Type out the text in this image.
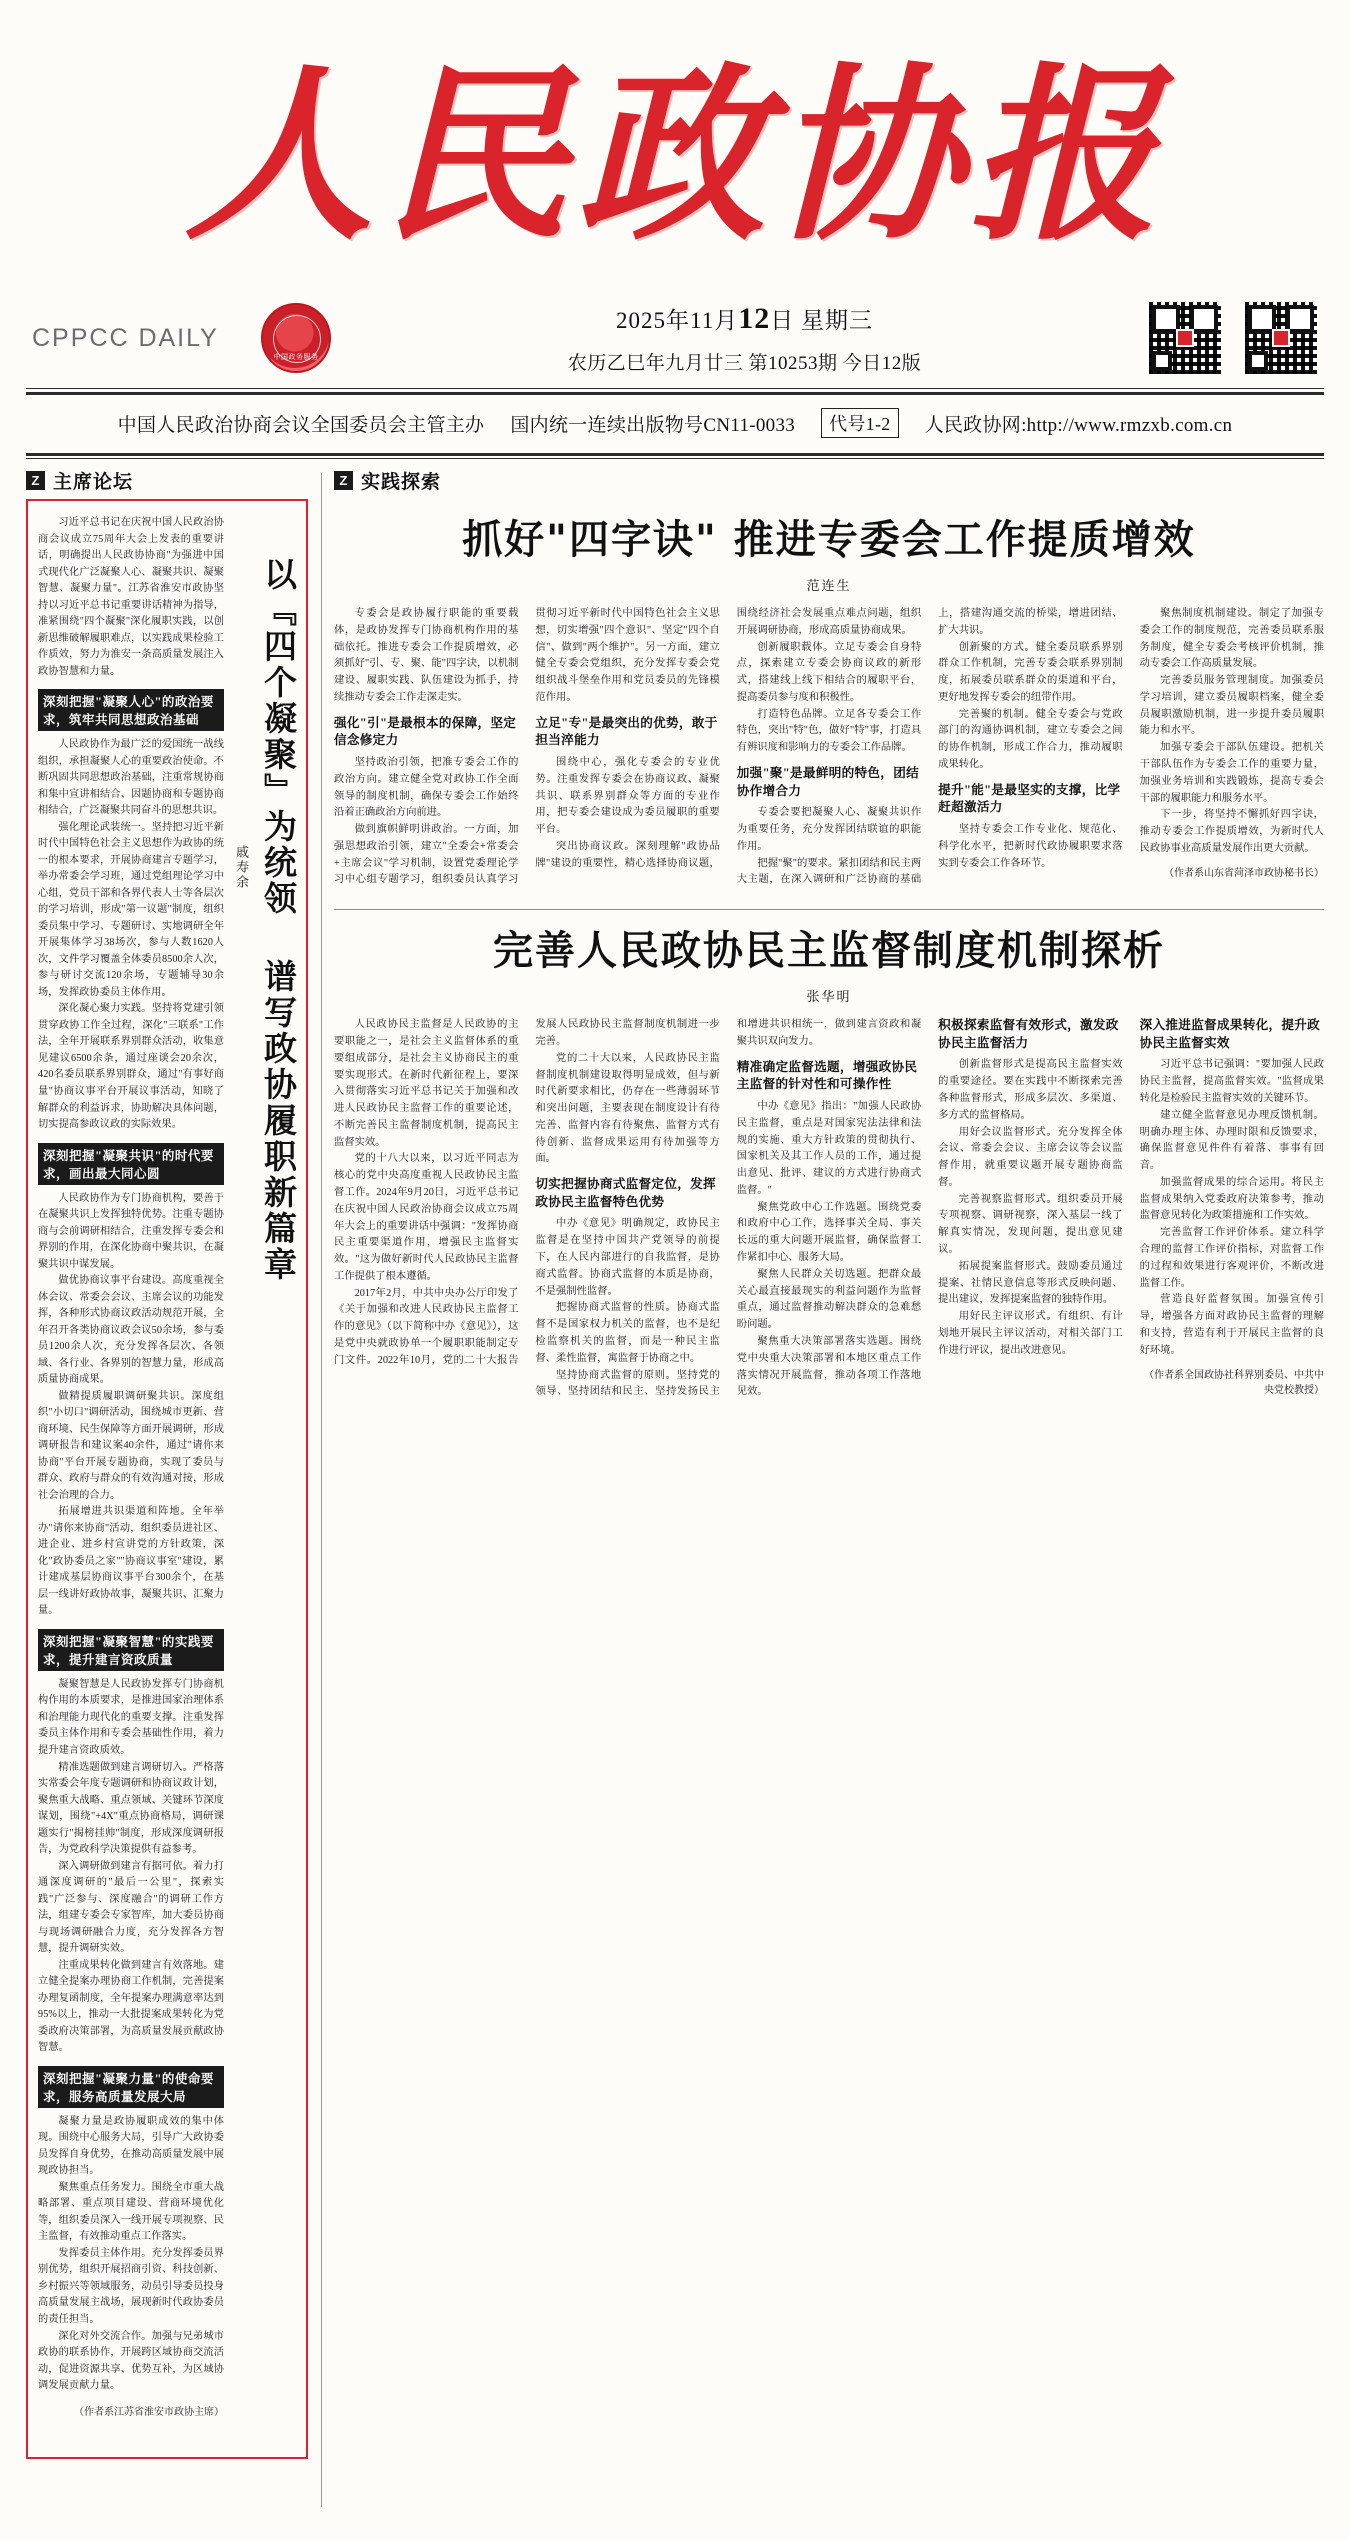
人民政协报
CPPCC DAILY
中国政务服务
2025年11月12日 星期三
农历乙巳年九月廿三 第10253期 今日12版
中国人民政治协商会议全国委员会主管主办 国内统一连续出版物号CN11-0033	代号1-2	人民政协网:http://www.rmzxb.com.cn
Z 主席论坛
以『四个凝聚』为统领 谱写政协履职新篇章
戚寿余

习近平总书记在庆祝中国人民政治协商会议成立75周年大会上发表的重要讲话，明确提出人民政协协商"为强进中国式现代化广泛凝聚人心、凝聚共识、凝聚智慧、凝聚力量"。江苏省淮安市政协坚持以习近平总书记重要讲话精神为指导，准紧围绕"四个凝聚"深化履职实践，以创新思维破解履职难点，以实践成果检验工作质效，努力为淮安一条高质量发展注入政协智慧和力量。

深刻把握"凝聚人心"的政治要求，筑牢共同思想政治基础

人民政协作为最广泛的爱国统一战线组织，承担凝聚人心的重要政治使命。不断巩固共同思想政治基础，注重常规协商和集中宣讲相结合、因题协商和专题协商相结合，广泛凝聚共同奋斗的思想共识。

强化理论武装统一。坚持把习近平新时代中国特色社会主义思想作为政协的统一的根本要求，开展协商建言专题学习，举办常委会学习班，通过党组理论学习中心组，党员干部和各界代表人士等各层次的学习培训，形成"第一议题"制度，组织委员集中学习、专题研讨、实地调研全年开展集体学习38场次，参与人数1620人次，文件学习覆盖全体委员8500余人次，参与研讨交流120余场，专题辅导30余场，发挥政协委员主体作用。

深化凝心聚力实践。坚持将党建引领贯穿政协工作全过程，深化"三联系"工作法，全年开展联系界别群众活动，收集意见建议6500余条，通过座谈会20余次，420名委员联系界别群众，通过"有事好商量"协商议事平台开展议事活动，知晓了解群众的利益诉求，协助解决具体问题，切实提高参政议政的实际效果。

深刻把握"凝聚共识"的时代要求，画出最大同心圆

人民政协作为专门协商机构，要善于在凝聚共识上发挥独特优势。注重专题协商与会前调研相结合，注重发挥专委会和界别的作用，在深化协商中聚共识，在凝聚共识中谋发展。

做优协商议事平台建设。高度重视全体会议、常委会会议、主席会议的功能发挥，各种形式协商议政活动规范开展，全年召开各类协商议政会议50余场，参与委员1200余人次，充分发挥各层次、各领域、各行业、各界别的智慧力量，形成高质量协商成果。

做精提质履职调研聚共识。深度组织"小切口"调研活动，围绕城市更新、营商环境、民生保障等方面开展调研，形成调研报告和建议案40余件，通过"请你来协商"平台开展专题协商，实现了委员与群众、政府与群众的有效沟通对接，形成社会治理的合力。

拓展增进共识渠道和阵地。全年举办"请你来协商"活动，组织委员进社区、进企业、进乡村宣讲党的方针政策，深化"政协委员之家""协商议事室"建设，累计建成基层协商议事平台300余个，在基层一线讲好政协故事，凝聚共识、汇聚力量。

深刻把握"凝聚智慧"的实践要求，提升建言资政质量

凝聚智慧是人民政协发挥专门协商机构作用的本质要求，是推进国家治理体系和治理能力现代化的重要支撑。注重发挥委员主体作用和专委会基础性作用，着力提升建言资政质效。

精准选题做到建言调研切入。严格落实常委会年度专题调研和协商议政计划，聚焦重大战略、重点领域、关键环节深度谋划，围绕"+4X"重点协商格局，调研课题实行"揭榜挂帅"制度，形成深度调研报告，为党政科学决策提供有益参考。

深入调研做到建言有据可依。着力打通深度调研的"最后一公里"，探索实践"广泛参与、深度融合"的调研工作方法，组建专委会专家智库，加大委员协商与现场调研融合力度，充分发挥各方智慧，提升调研实效。

注重成果转化做到建言有效落地。建立健全提案办理协商工作机制，完善提案办理复函制度，全年提案办理满意率达到95%以上，推动一大批提案成果转化为党委政府决策部署，为高质量发展贡献政协智慧。

深刻把握"凝聚力量"的使命要求，服务高质量发展大局

凝聚力量是政协履职成效的集中体现。围绕中心服务大局，引导广大政协委员发挥自身优势，在推动高质量发展中展现政协担当。

聚焦重点任务发力。围绕全市重大战略部署、重点项目建设、营商环境优化等，组织委员深入一线开展专项视察、民主监督，有效推动重点工作落实。

发挥委员主体作用。充分发挥委员界别优势，组织开展招商引资、科技创新、乡村振兴等领域服务，动员引导委员投身高质量发展主战场，展现新时代政协委员的责任担当。

深化对外交流合作。加强与兄弟城市政协的联系协作，开展跨区域协商交流活动，促进资源共享、优势互补，为区域协调发展贡献力量。

（作者系江苏省淮安市政协主席）
Z 实践探索
抓好"四字诀" 推进专委会工作提质增效
范连生

专委会是政协履行职能的重要载体，是政协发挥专门协商机构作用的基础依托。推进专委会工作提质增效，必须抓好"引、专、聚、能"四字诀，以机制建设、履职实践、队伍建设为抓手，持续推动专委会工作走深走实。

强化"引"是最根本的保障，坚定信念修定力

坚持政治引领，把准专委会工作的政治方向。建立健全党对政协工作全面领导的制度机制，确保专委会工作始终沿着正确政治方向前进。

做到旗帜鲜明讲政治。一方面，加强思想政治引领，建立"全委会+常委会+主席会议"学习机制，设置党委理论学习中心组专题学习，组织委员认真学习贯彻习近平新时代中国特色社会主义思想，切实增强"四个意识"、坚定"四个自信"、做到"两个维护"。另一方面，建立健全专委会党组织，充分发挥专委会党组织战斗堡垒作用和党员委员的先锋模范作用。

立足"专"是最突出的优势，敢于担当淬能力

围绕中心，强化专委会的专业优势。注重发挥专委会在协商议政、凝聚共识、联系界别群众等方面的专业作用，把专委会建设成为委员履职的重要平台。

突出协商议政。深刻理解"政协品牌"建设的重要性，精心选择协商议题，围绕经济社会发展重点难点问题，组织开展调研协商，形成高质量协商成果。

创新履职载体。立足专委会自身特点，探索建立专委会协商议政的新形式，搭建线上线下相结合的履职平台，提高委员参与度和积极性。

打造特色品牌。立足各专委会工作特色，突出"特"色，做好"特"事，打造具有辨识度和影响力的专委会工作品牌。

加强"聚"是最鲜明的特色，团结协作增合力

专委会要把凝聚人心、凝聚共识作为重要任务，充分发挥团结联谊的职能作用。

把握"聚"的要求。紧扣团结和民主两大主题，在深入调研和广泛协商的基础上，搭建沟通交流的桥梁，增进团结、扩大共识。

创新聚的方式。健全委员联系界别群众工作机制，完善专委会联系界别制度，拓展委员联系群众的渠道和平台，更好地发挥专委会的纽带作用。

完善聚的机制。健全专委会与党政部门的沟通协调机制，建立专委会之间的协作机制，形成工作合力，推动履职成果转化。

提升"能"是最坚实的支撑，比学赶超激活力

坚持专委会工作专业化、规范化、科学化水平，把新时代政协履职要求落实到专委会工作各环节。

聚焦制度机制建设。制定了加强专委会工作的制度规范，完善委员联系服务制度，健全专委会考核评价机制，推动专委会工作高质量发展。

完善委员服务管理制度。加强委员学习培训，建立委员履职档案，健全委员履职激励机制，进一步提升委员履职能力和水平。

加强专委会干部队伍建设。把机关干部队伍作为专委会工作的重要力量，加强业务培训和实践锻炼，提高专委会干部的履职能力和服务水平。

下一步，将坚持不懈抓好四字诀，推动专委会工作提质增效，为新时代人民政协事业高质量发展作出更大贡献。

（作者系山东省菏泽市政协秘书长）
完善人民政协民主监督制度机制探析
张华明

人民政协民主监督是人民政协的主要职能之一，是社会主义监督体系的重要组成部分，是社会主义协商民主的重要实现形式。在新时代新征程上，要深入贯彻落实习近平总书记关于加强和改进人民政协民主监督工作的重要论述，不断完善民主监督制度机制，提高民主监督实效。

党的十八大以来，以习近平同志为核心的党中央高度重视人民政协民主监督工作。2024年9月20日，习近平总书记在庆祝中国人民政治协商会议成立75周年大会上的重要讲话中强调："发挥协商民主重要渠道作用，增强民主监督实效。"这为做好新时代人民政协民主监督工作提供了根本遵循。

2017年2月，中共中央办公厅印发了《关于加强和改进人民政协民主监督工作的意见》（以下简称中办《意见》），这是党中央就政协单一个履职职能制定专门文件。2022年10月，党的二十大报告发展人民政协民主监督制度机制进一步完善。

党的二十大以来，人民政协民主监督制度机制建设取得明显成效，但与新时代新要求相比，仍存在一些薄弱环节和突出问题，主要表现在制度设计有待完善、监督内容有待聚焦、监督方式有待创新、监督成果运用有待加强等方面。

切实把握协商式监督定位，发挥政协民主监督特色优势

中办《意见》明确规定，政协民主监督是在坚持中国共产党领导的前提下，在人民内部进行的自我监督，是协商式监督。协商式监督的本质是协商，不是强制性监督。

把握协商式监督的性质。协商式监督不是国家权力机关的监督，也不是纪检监察机关的监督，而是一种民主监督、柔性监督，寓监督于协商之中。

坚持协商式监督的原则。坚持党的领导、坚持团结和民主、坚持发扬民主和增进共识相统一，做到建言资政和凝聚共识双向发力。

精准确定监督选题，增强政协民主监督的针对性和可操作性

中办《意见》指出："加强人民政协民主监督，重点是对国家宪法法律和法规的实施、重大方针政策的贯彻执行、国家机关及其工作人员的工作，通过提出意见、批评、建议的方式进行协商式监督。"

聚焦党政中心工作选题。围绕党委和政府中心工作，选择事关全局、事关长远的重大问题开展监督，确保监督工作紧扣中心、服务大局。

聚焦人民群众关切选题。把群众最关心最直接最现实的利益问题作为监督重点，通过监督推动解决群众的急难愁盼问题。

聚焦重大决策部署落实选题。围绕党中央重大决策部署和本地区重点工作落实情况开展监督，推动各项工作落地见效。

积极探索监督有效形式，激发政协民主监督活力

创新监督形式是提高民主监督实效的重要途径。要在实践中不断探索完善各种监督形式，形成多层次、多渠道、多方式的监督格局。

用好会议监督形式。充分发挥全体会议、常委会会议、主席会议等会议监督作用，就重要议题开展专题协商监督。

完善视察监督形式。组织委员开展专项视察、调研视察，深入基层一线了解真实情况，发现问题，提出意见建议。

拓展提案监督形式。鼓励委员通过提案、社情民意信息等形式反映问题、提出建议，发挥提案监督的独特作用。

用好民主评议形式。有组织、有计划地开展民主评议活动，对相关部门工作进行评议，提出改进意见。

深入推进监督成果转化，提升政协民主监督实效

习近平总书记强调："要加强人民政协民主监督，提高监督实效。"监督成果转化是检验民主监督实效的关键环节。

建立健全监督意见办理反馈机制。明确办理主体、办理时限和反馈要求，确保监督意见件件有着落、事事有回音。

加强监督成果的综合运用。将民主监督成果纳入党委政府决策参考，推动监督意见转化为政策措施和工作实效。

完善监督工作评价体系。建立科学合理的监督工作评价指标，对监督工作的过程和效果进行客观评价，不断改进监督工作。

营造良好监督氛围。加强宣传引导，增强各方面对政协民主监督的理解和支持，营造有利于开展民主监督的良好环境。

（作者系全国政协社科界别委员、中共中央党校教授）
